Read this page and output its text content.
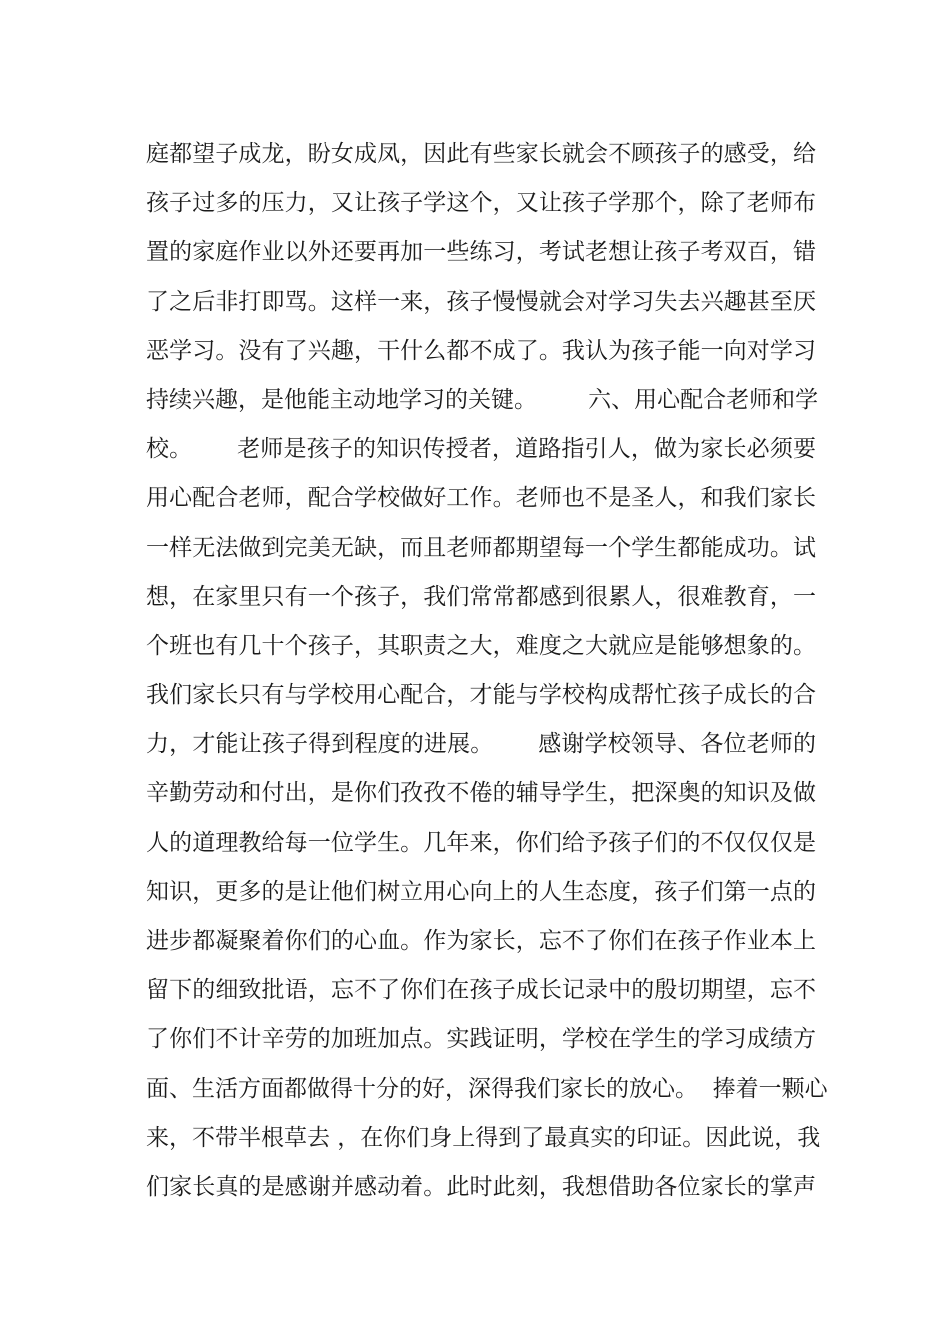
庭都望子成龙，盼女成凤，因此有些家长就会不顾孩子的感受，给
孩子过多的压力，又让孩子学这个，又让孩子学那个，除了老师布
置的家庭作业以外还要再加一些练习，考试老想让孩子考双百，错
了之后非打即骂。这样一来，孩子慢慢就会对学习失去兴趣甚至厌
恶学习。没有了兴趣，干什么都不成了。我认为孩子能一向对学习
持续兴趣，是他能主动地学习的关键。       六、用心配合老师和学
校。      老师是孩子的知识传授者，道路指引人，做为家长必须要
用心配合老师，配合学校做好工作。老师也不是圣人，和我们家长
一样无法做到完美无缺，而且老师都期望每一个学生都能成功。试
想，在家里只有一个孩子，我们常常都感到很累人，很难教育，一
个班也有几十个孩子，其职责之大，难度之大就应是能够想象的。
我们家长只有与学校用心配合，才能与学校构成帮忙孩子成长的合
力，才能让孩子得到程度的进展。      感谢学校领导、各位老师的
辛勤劳动和付出，是你们孜孜不倦的辅导学生，把深奥的知识及做
人的道理教给每一位学生。几年来，你们给予孩子们的不仅仅仅是
知识，更多的是让他们树立用心向上的人生态度，孩子们第一点的
进步都凝聚着你们的心血。作为家长，忘不了你们在孩子作业本上
留下的细致批语，忘不了你们在孩子成长记录中的殷切期望，忘不
了你们不计辛劳的加班加点。实践证明，学校在学生的学习成绩方
面、生活方面都做得十分的好，深得我们家长的放心。  捧着一颗心
来，不带半根草去 ，在你们身上得到了最真实的印证。因此说，我
们家长真的是感谢并感动着。此时此刻，我想借助各位家长的掌声
